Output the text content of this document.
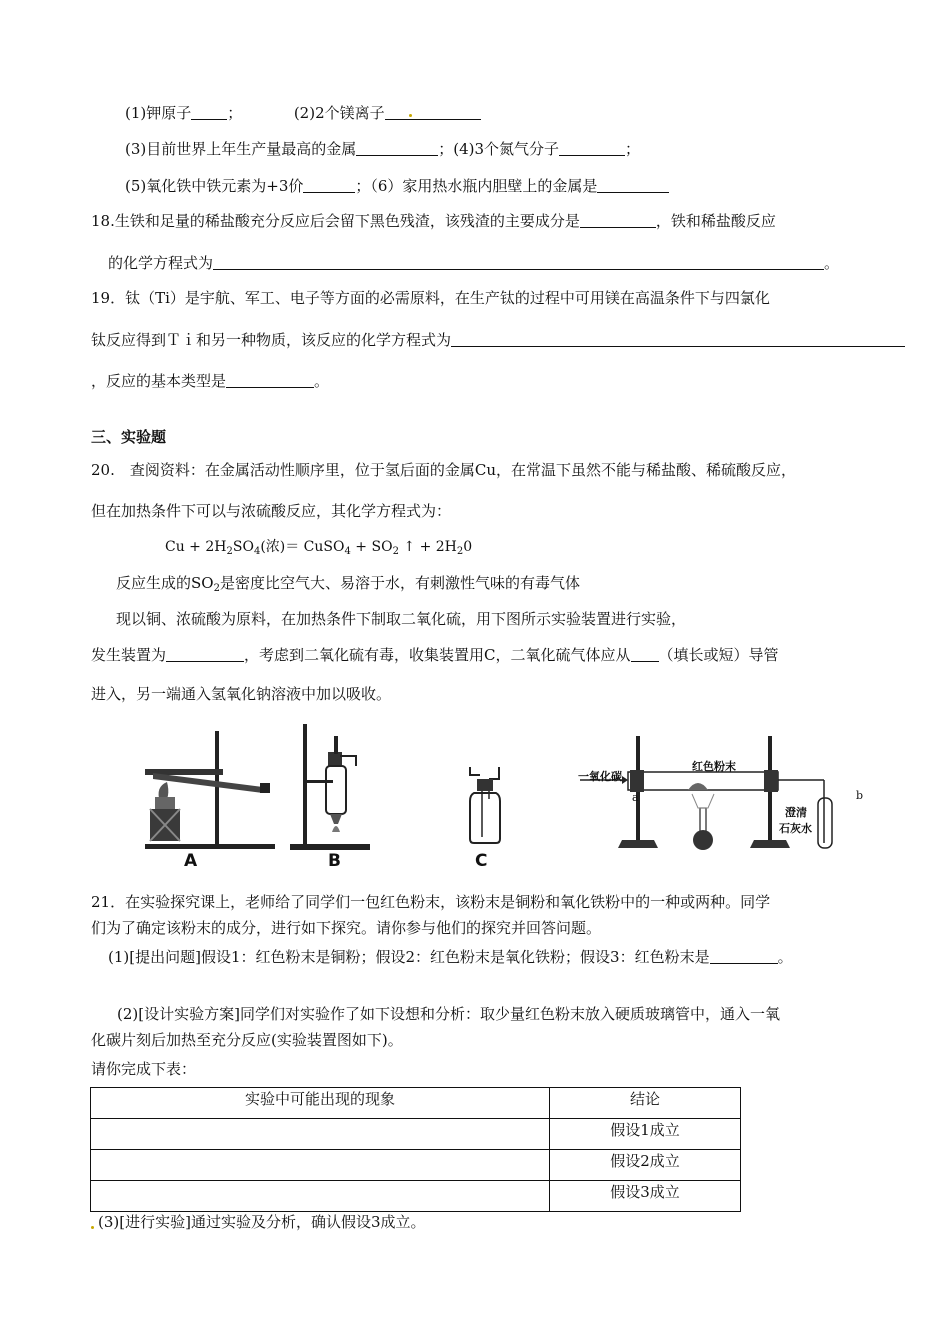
(1)钾原子 ；	(2)2个镁离子
(3)目前世界上年生产量最高的金属	；(4)3个氮气分子	；
(5)氧化铁中铁元素为+3价	；（6）家用热水瓶内胆壁上的金属是
18.生铁和足量的稀盐酸充分反应后会留下黑色残渣，该残渣的主要成分是	，铁和稀盐酸反应
的化学方程式为	。
19．钛（Ti）是宇航、军工、电子等方面的必需原料，在生产钛的过程中可用镁在高温条件下与四氯化
钛反应得到Ｔｉ和另一种物质，该反应的化学方程式为
，反应的基本类型是	。
三、实验题
20.　查阅资料：在金属活动性顺序里，位于氢后面的金属Cu，在常温下虽然不能与稀盐酸、稀硫酸反应，
但在加热条件下可以与浓硫酸反应，其化学方程式为：
$Cu + 2H_2SO_4$(浓)＝ CuSO$_4$ + $SO_2$ ↑ + $2H_20$
反应生成的$SO_2$是密度比空气大、易溶于水，有刺激性气味的有毒气体
现以铜、浓硫酸为原料，在加热条件下制取二氧化硫，用下图所示实验装置进行实验，
发生装置为	，考虑到二氧化硫有毒，收集装置用C，二氧化硫气体应从 （填长或短）导管
进入，另一端通入氢氧化钠溶液中加以吸收。
A	B	C
一氧化碳
a
红色粉末
b
澄清
石灰水
21．在实验探究课上，老师给了同学们一包红色粉末，该粉末是铜粉和氧化铁粉中的一种或两种。同学
们为了确定该粉末的成分，进行如下探究。请你参与他们的探究并回答问题。
(1)[提出问题]假设1：红色粉末是铜粉；假设2：红色粉末是氧化铁粉；假设3：红色粉末是	。
(2)[设计实验方案]同学们对实验作了如下设想和分析：取少量红色粉末放入硬质玻璃管中，通入一氧
化碳片刻后加热至充分反应(实验装置图如下)。
请你完成下表：
实验中可能出现的现象	结论
	假设1成立
	假设2成立
	假设3成立
(3)[进行实验]通过实验及分析，确认假设3成立。
